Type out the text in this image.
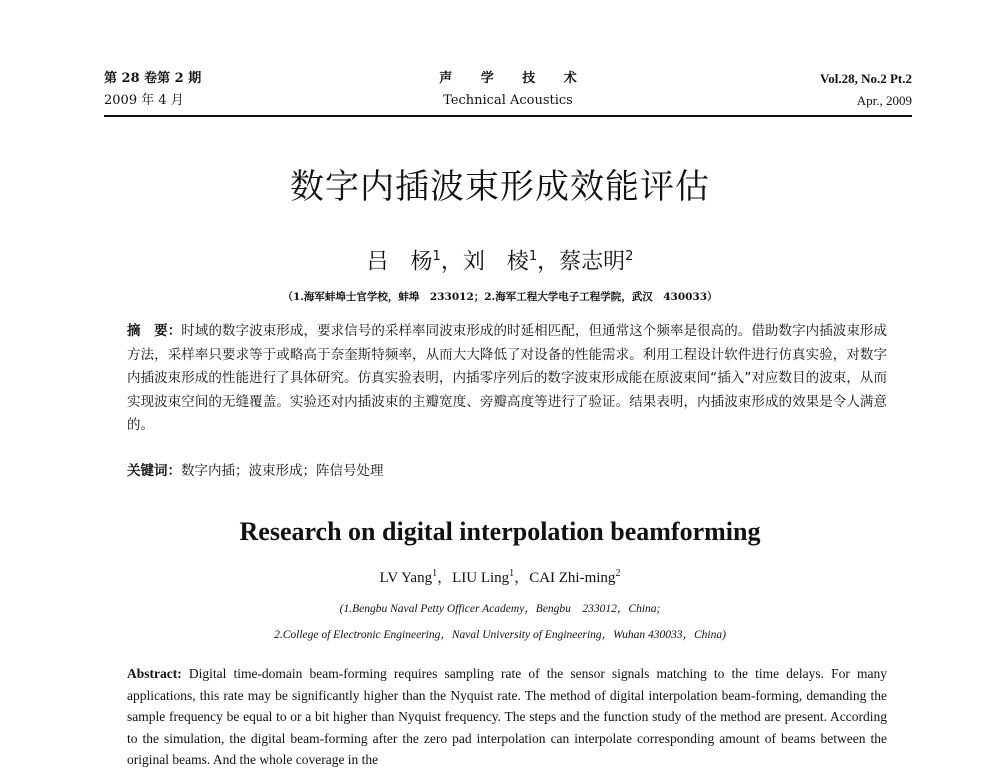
第 28 卷第 2 期
2009 年 4 月
声 学 技 术
Technical Acoustics
Vol.28, No.2 Pt.2
Apr., 2009
数字内插波束形成效能评估
吕　杨$^1$，刘　棱$^1$，蔡志明$^2$
（1.海军蚌埠士官学校，蚌埠　233012；2.海军工程大学电子工程学院，武汉　430033）
摘　要：时域的数字波束形成，要求信号的采样率同波束形成的时延相匹配，但通常这个频率是很高的。借助数字内插波束形成方法，采样率只要求等于或略高于奈奎斯特频率，从而大大降低了对设备的性能需求。利用工程设计软件进行仿真实验，对数字内插波束形成的性能进行了具体研究。仿真实验表明，内插零序列后的数字波束形成能在原波束间“插入”对应数目的波束，从而实现波束空间的无缝覆盖。实验还对内插波束的主瓣宽度、旁瓣高度等进行了验证。结果表明，内插波束形成的效果是令人满意的。
关键词：数字内插；波束形成；阵信号处理
Research on digital interpolation beamforming
LV Yang$^1$，LIU Ling$^1$，CAI Zhi-ming$^2$
(1.Bengbu Naval Petty Officer Academy，Bengbu　233012，China;
2.College of Electronic Engineering，Naval University of Engineering，Wuhan 430033，China)
Abstract: Digital time-domain beam-forming requires sampling rate of the sensor signals matching to the time delays. For many applications, this rate may be significantly higher than the Nyquist rate. The method of digital interpolation beam-forming, demanding the sample frequency be equal to or a bit higher than Nyquist frequency. The steps and the function study of the method are present. According to the simulation, the digital beam-forming after the zero pad interpolation can interpolate corresponding amount of beams between the original beams. And the whole coverage in the
